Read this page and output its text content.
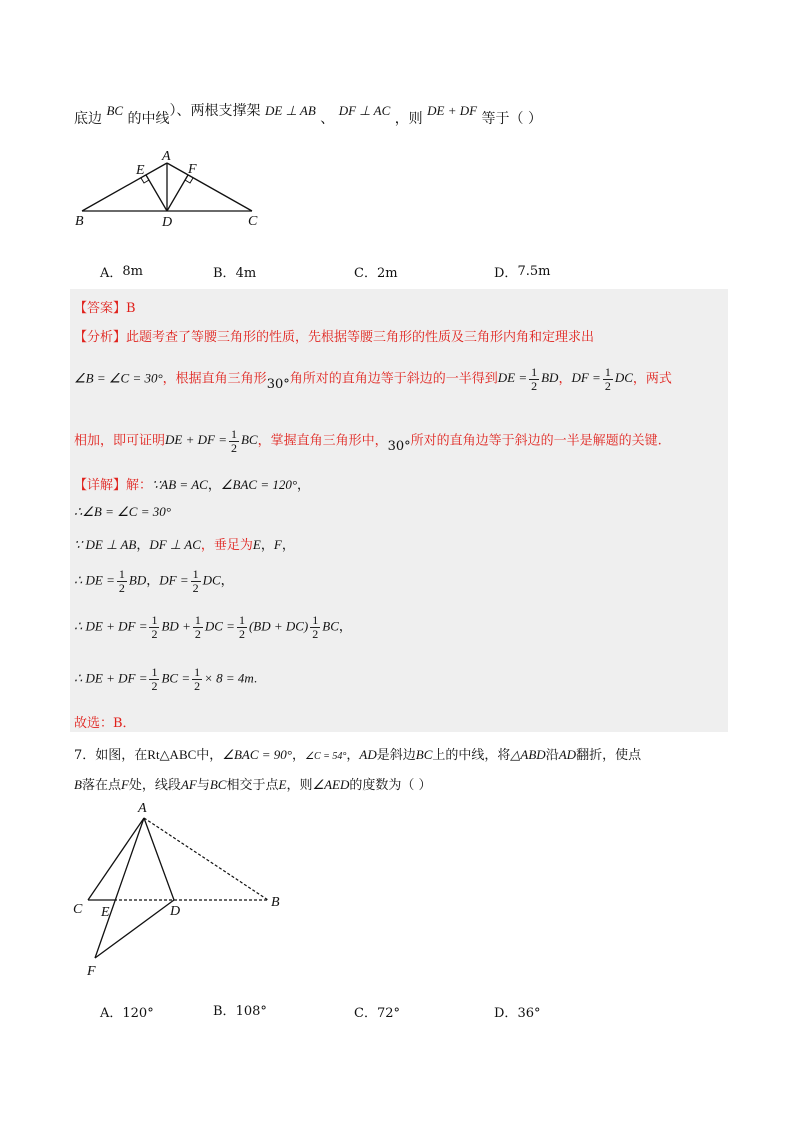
底边 BC 的中线）、两根支撑架 DE ⊥ AB 、 DF ⊥ AC ，则 DE + DF 等于（ ）
A
B	C
D
E	F
A．8m	B．4m	C．2m	D．7.5m
【答案】B
【分析】此题考查了等腰三角形的性质，先根据等腰三角形的性质及三角形内角和定理求出
∠B = ∠C = 30°，根据直角三角形30°角所对的直角边等于斜边的一半得到DE = $\frac{1}{2}$ BD，DF = $\frac{1}{2}$ DC，两式
相加，即可证明DE + DF = $\frac{1}{2}$ BC，掌握直角三角形中，30°所对的直角边等于斜边的一半是解题的关键.
【详解】解：∵AB = AC，∠BAC = 120°，
∴∠B = ∠C = 30°
∵ DE ⊥ AB，DF ⊥ AC，垂足为E，F，
∴ DE = $\frac{1}{2}$ BD，DF = $\frac{1}{2}$ DC，
∴ DE + DF = $\frac{1}{2}$ BD + $\frac{1}{2}$ DC = $\frac{1}{2} (BD + DC) \frac{1}{2}$ BC，
∴ DE + DF = $\frac{1}{2}$ BC = $\frac{1}{2} \times 8 = 4m$.
故选：B．
7．如图，在Rt△ABC中，∠BAC = 90°，∠C = 54°，AD是斜边BC上的中线，将△ABD沿AD翻折，使点
B落在点F处，线段AF与BC相交于点E，则∠AED的度数为（ ）
A
B
C	D
E
F
A．120°	B．108°	C．72°	D．36°
